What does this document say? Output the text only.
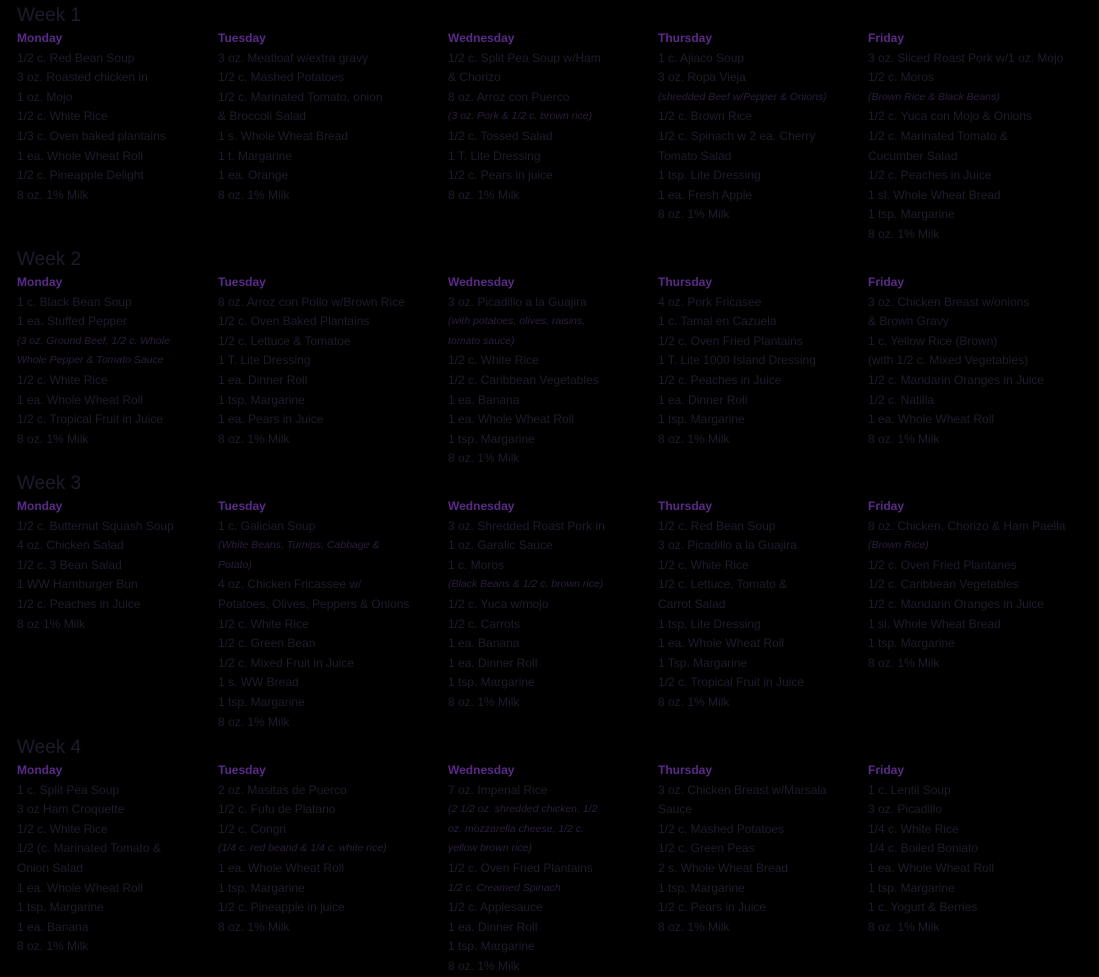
Week 1
Monday
1/2 c. Red Bean Soup
3 oz. Roasted chicken in
1 oz. Mojo
1/2 c. White Rice
1/3 c. Oven baked plantains
1 ea. Whole Wheat Roll
1/2 c. Pineapple Delight
8 oz. 1% Milk
Tuesday
3 oz. Meatloaf w/extra gravy
1/2 c. Mashed Potatoes
1/2 c. Marinated Tomato, onion
& Broccoli Salad
1 s. Whole Wheat Bread
1 t. Margarine
1 ea. Orange
8 oz. 1% Milk
Wednesday
1/2 c. Split Pea Soup w/Ham
& Chorizo
8 oz. Arroz con Puerco
(3 oz. Pork & 1/2 c. brown rice)
1/2 c. Tossed Salad
1 T. Lite Dressing
1/2 c. Pears in juice
8 oz. 1% Milk
Thursday
1 c. Ajiaco Soup
3 oz. Ropa Vieja
(shredded Beef w/Pepper & Onions)
1/2 c. Brown Rice
1/2 c. Spinach w 2 ea. Cherry
Tomato Salad
1 tsp. Lite Dressing
1 ea. Fresh Apple
8 oz. 1% Milk
Friday
3 oz. Sliced Roast Pork w/1 oz. Mojo
1/2 c. Moros
(Brown Rice & Black Beans)
1/2 c. Yuca con Mojo & Onions
1/2 c. Marinated Tomato &
Cucumber Salad
1/2 c. Peaches in Juice
1 sl. Whole Wheat Bread
1 tsp. Margarine
8 oz. 1% Milk
Week 2
Monday
1 c. Black Bean Soup
1 ea. Stuffed Pepper
(3 oz. Ground Beef, 1/2 c. Whole
Whole Pepper & Tomato Sauce
1/2 c. White Rice
1 ea. Whole Wheat Roll
1/2 c. Tropical Fruit in Juice
8 oz. 1% Milk
Tuesday
8 oz. Arroz con Pollo w/Brown Rice
1/2 c. Oven Baked Plantains
1/2 c. Lettuce & Tomatoe
1 T. Lite Dressing
1 ea. Dinner Roll
1 tsp. Margarine
1 ea. Pears in Juice
8 oz. 1% Milk
Wednesday
3 oz. Picadillo a la Guajira
(with potatoes, olives, raisins,
tomato sauce)
1/2 c. White Rice
1/2 c. Caribbean Vegetables
1 ea. Banana
1 ea. Whole Wheat Roll
1 tsp. Margarine
8 oz. 1% Milk
Thursday
4 oz. Pork Fricasee
1 c. Tamal en Cazuela
1/2 c. Oven Fried Plantains
1 T. Lite 1000 Island Dressing
1/2 c. Peaches in Juice
1 ea. Dinner Roll
1 tsp. Margarine
8 oz. 1% Milk
Friday
3 oz. Chicken Breast w/onions
& Brown Gravy
1 c. Yellow Rice (Brown)
(with 1/2 c. Mixed Vegetables)
1/2 c. Mandarin Oranges in Juice
1/2 c. Natilla
1 ea. Whole Wheat Roll
8 oz. 1% Milk
Week 3
Monday
1/2 c. Butternut Squash Soup
4 oz. Chicken Salad
1/2 c. 3 Bean Salad
1 WW Hamburger Bun
1/2 c. Peaches in Juice
8 oz 1% Milk
Tuesday
1 c. Galician Soup
(White Beans, Turnips, Cabbage &
Potato)
4 oz. Chicken Fricassee w/
Potatoes, Olives, Peppers & Onions
1/2 c. White Rice
1/2 c. Green Bean
1/2 c. Mixed Fruit in Juice
1 s. WW Bread
1 tsp. Margarine
8 oz. 1% Milk
Wednesday
3 oz. Shredded Roast Pork in
1 oz. Garalic Sauce
1 c. Moros
(Black Beans & 1/2 c. brown rice)
1/2 c. Yuca w/mojo
1/2 c. Carrots
1 ea. Banana
1 ea. Dinner Roll
1 tsp. Margarine
8 oz. 1% Milk
Thursday
1/2 c. Red Bean Soup
3 oz. Picadillo a la Guajira
1/2 c. White Rice
1/2 c. Lettuce, Tomato &
Carrot Salad
1 tsp. Lite Dressing
1 ea. Whole Wheat Roll
1 Tsp. Margarine
1/2 c. Tropical Fruit in Juice
8 oz. 1% Milk
Friday
8 oz. Chicken, Chorizo & Ham Paella
(Brown Rice)
1/2 c. Oven Fried Plantanes
1/2 c. Caribbean Vegetables
1/2 c. Mandarin Oranges in Juice
1 sl. Whole Wheat Bread
1 tsp. Margarine
8 oz. 1% Milk
Week 4
Monday
1 c. Split Pea Soup
3 oz Ham Croquette
1/2 c. White Rice
1/2 (c. Marinated Tomato &
Onion Salad
1 ea. Whole Wheat Roll
1 tsp. Margarine
1 ea. Banana
8 oz. 1% Milk
Tuesday
2 oz. Masitas de Puerco
1/2 c. Fufu de Platano
1/2 c. Congri
(1/4 c. red beand & 1/4 c. white rice)
1 ea. Whole Wheat Roll
1 tsp. Margarine
1/2 c. Pineapple in juice
8 oz. 1% Milk
Wednesday
7 oz. Imperial Rice
(2 1/2 oz. shredded chicken, 1/2
oz. mozzarella cheese, 1/2 c.
yellow brown rice)
1/2 c. Oven Fried Plantains
1/2 c. Creamed Spinach
1/2 c. Applesauce
1 ea. Dinner Roll
1 tsp. Margarine
8 oz. 1% Milk
Thursday
3 oz. Chicken Breast w/Marsala
Sauce
1/2 c. Mashed Potatoes
1/2 c. Green Peas
2 s. Whole Wheat Bread
1 tsp. Margarine
1/2 c. Pears in Juice
8 oz. 1% Milk
Friday
1 c. Lentil Soup
3 oz. Picadillo
1/4 c. White Rice
1/4 c. Boiled Boniato
1 ea. Whole Wheat Roll
1 tsp. Margarine
1 c. Yogurt & Berries
8 oz. 1% Milk
